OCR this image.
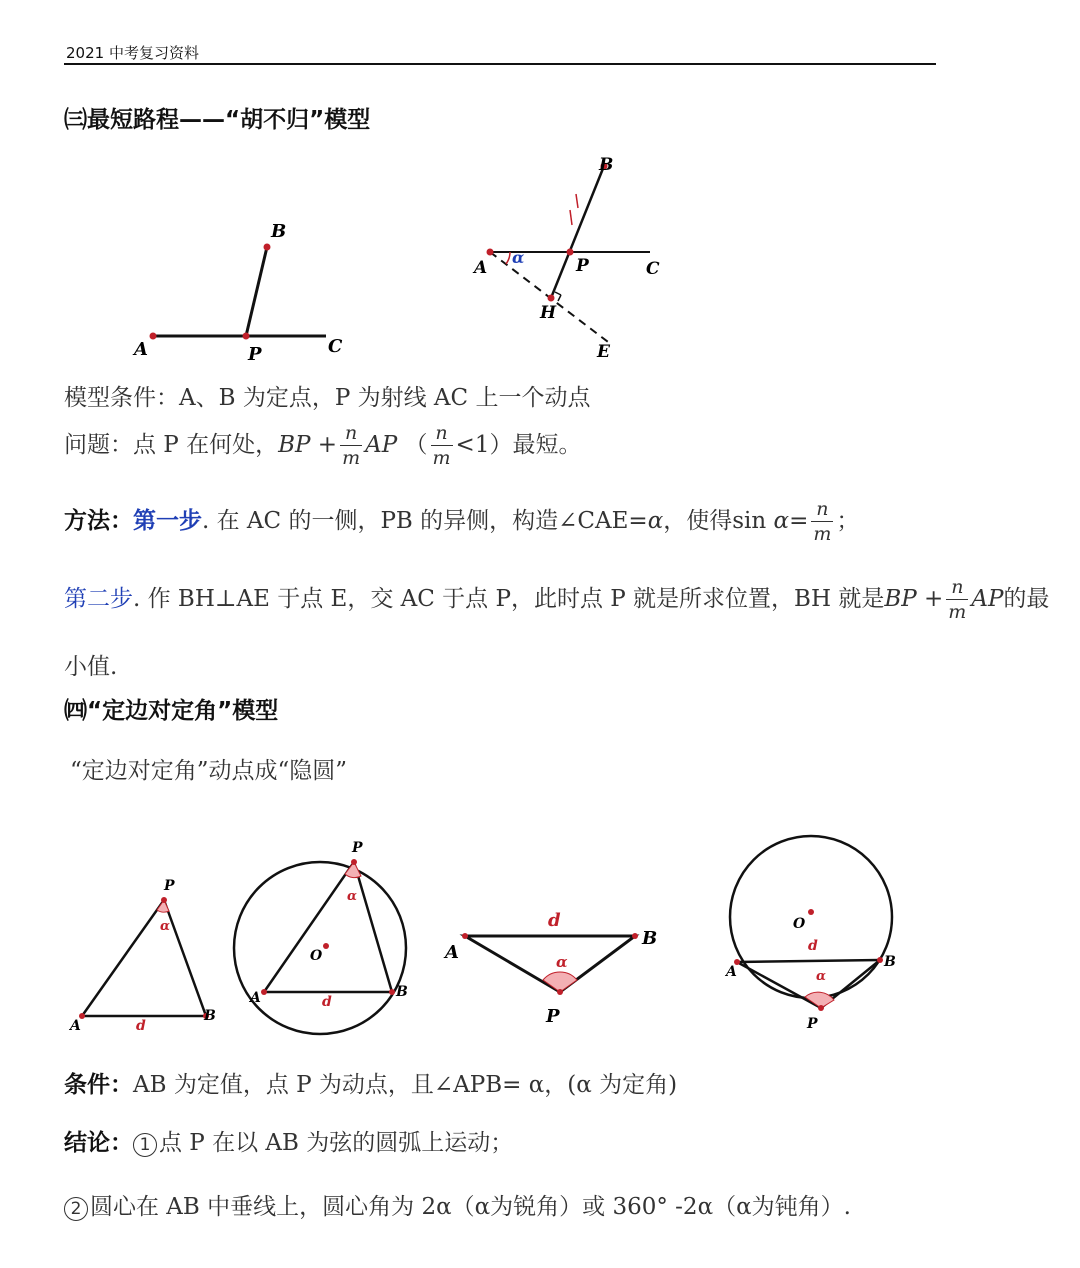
2021 中考复习资料
㈢最短路程——“胡不归”模型
A	P
B
C
α
A	P	C
H
E
B
模型条件：A、B 为定点，P 为射线 AC 上一个动点
问题：点 P 在何处，BP + $\frac{n}{m}$ AP （ $\frac{n}{m} <1$）最短。
方法：第一步. 在 AC 的一侧，PB 的异侧，构造∠CAE=α，使得$\sin \alpha= \frac{n}{m}$ ；
第二步. 作 BH⊥AE 于点 E，交 AC 于点 P，此时点 P 就是所求位置，BH 就是BP + $\frac{n}{m}$ AP的最
小值.
㈣“定边对定角”模型
“定边对定角”动点成“隐圆”
P
α
A
B
d
P
α
O
A	B
d
d
α
A
B
P
O
d
α
A
B
P
条件：AB 为定值，点 P 为动点，且∠APB= α，(α 为定角)
结论： 1 点 P 在以 AB 为弦的圆弧上运动；
2 圆心在 AB 中垂线上，圆心角为 2α（α为锐角）或 360° -2α（α为钝角）.
